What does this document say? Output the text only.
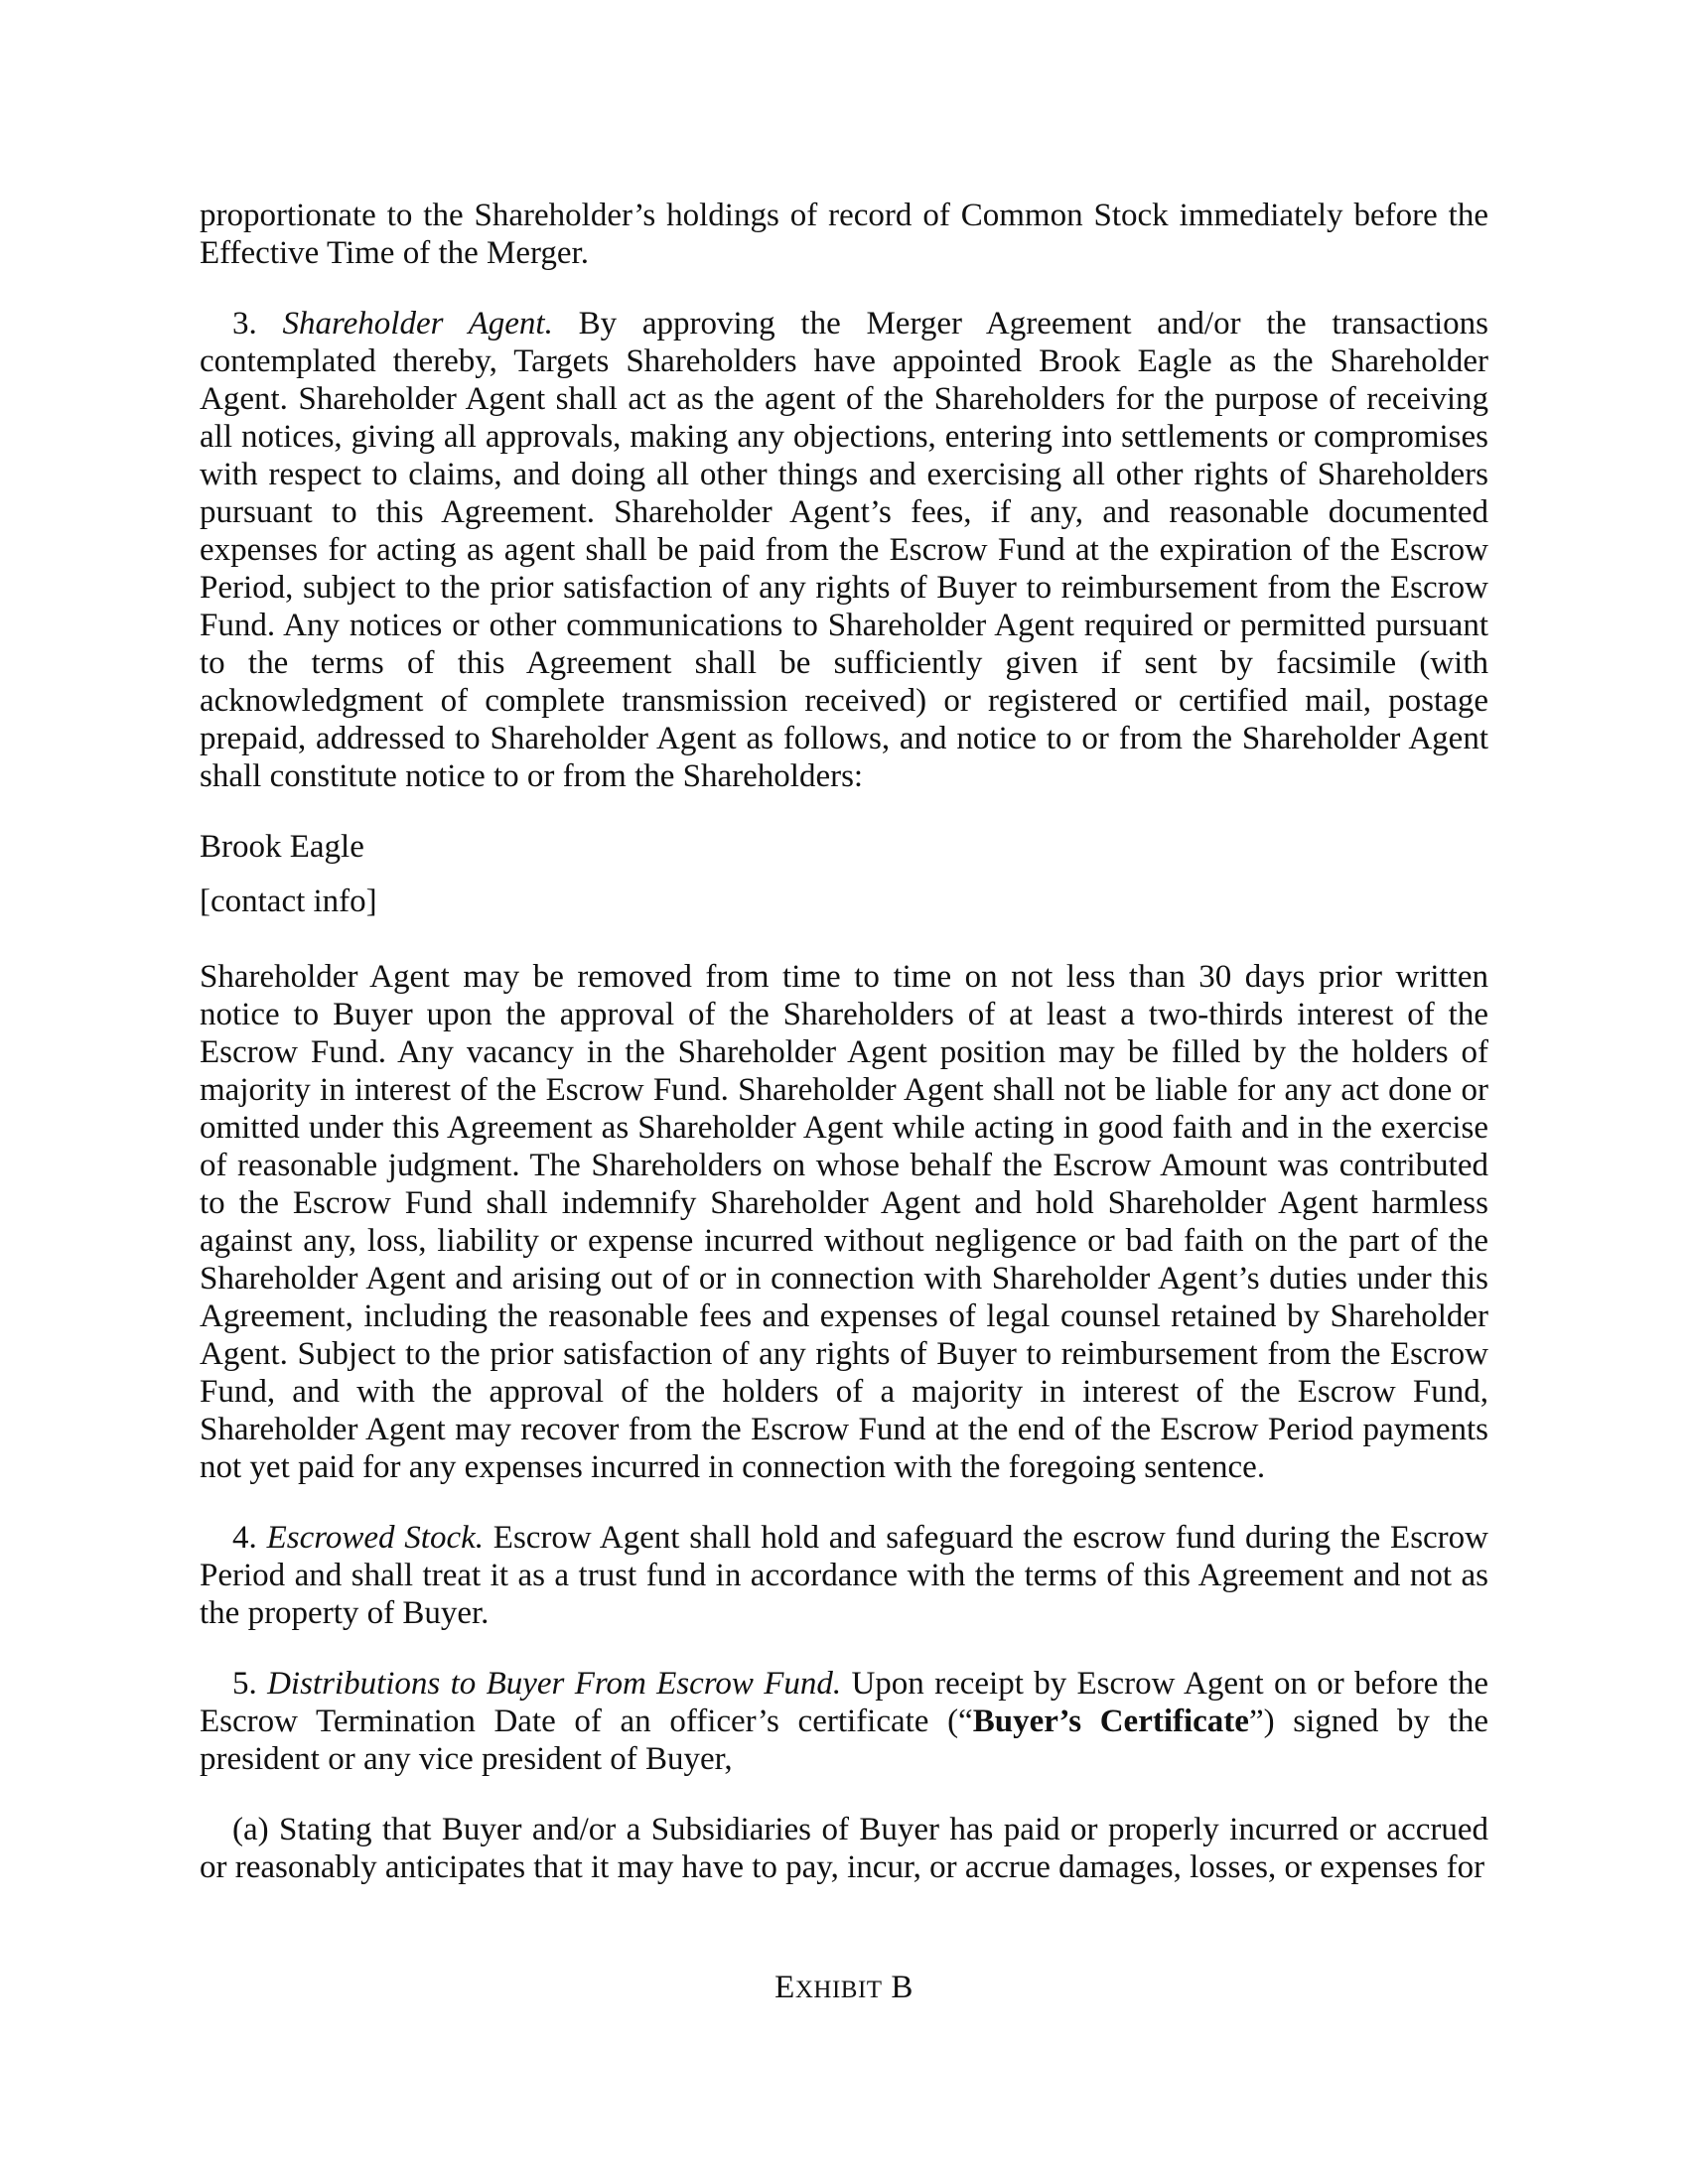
proportionate to the Shareholder’s holdings of record of Common Stock immediately before the Effective Time of the Merger.

3. Shareholder Agent. By approving the Merger Agreement and/or the transactions contemplated thereby, Targets Shareholders have appointed Brook Eagle as the Shareholder Agent. Shareholder Agent shall act as the agent of the Shareholders for the purpose of receiving all notices, giving all approvals, making any objections, entering into settlements or compromises with respect to claims, and doing all other things and exercising all other rights of Shareholders pursuant to this Agreement. Shareholder Agent’s fees, if any, and reasonable documented expenses for acting as agent shall be paid from the Escrow Fund at the expiration of the Escrow Period, subject to the prior satisfaction of any rights of Buyer to reimbursement from the Escrow Fund. Any notices or other communications to Shareholder Agent required or permitted pursuant to the terms of this Agreement shall be sufficiently given if sent by facsimile (with acknowledgment of complete transmission received) or registered or certified mail, postage prepaid, addressed to Shareholder Agent as follows, and notice to or from the Shareholder Agent shall constitute notice to or from the Shareholders:

Brook Eagle

[contact info]

Shareholder Agent may be removed from time to time on not less than 30 days prior written notice to Buyer upon the approval of the Shareholders of at least a two-thirds interest of the Escrow Fund. Any vacancy in the Shareholder Agent position may be filled by the holders of majority in interest of the Escrow Fund. Shareholder Agent shall not be liable for any act done or omitted under this Agreement as Shareholder Agent while acting in good faith and in the exercise of reasonable judgment. The Shareholders on whose behalf the Escrow Amount was contributed to the Escrow Fund shall indemnify Shareholder Agent and hold Shareholder Agent harmless against any, loss, liability or expense incurred without negligence or bad faith on the part of the Shareholder Agent and arising out of or in connection with Shareholder Agent’s duties under this Agreement, including the reasonable fees and expenses of legal counsel retained by Shareholder Agent. Subject to the prior satisfaction of any rights of Buyer to reimbursement from the Escrow Fund, and with the approval of the holders of a majority in interest of the Escrow Fund, Shareholder Agent may recover from the Escrow Fund at the end of the Escrow Period payments not yet paid for any expenses incurred in connection with the foregoing sentence.

4. Escrowed Stock. Escrow Agent shall hold and safeguard the escrow fund during the Escrow Period and shall treat it as a trust fund in accordance with the terms of this Agreement and not as the property of Buyer.

5. Distributions to Buyer From Escrow Fund. Upon receipt by Escrow Agent on or before the Escrow Termination Date of an officer’s certificate (“Buyer’s Certificate”) signed by the president or any vice president of Buyer,

(a) Stating that Buyer and/or a Subsidiaries of Buyer has paid or properly incurred or accrued or reasonably anticipates that it may have to pay, incur, or accrue damages, losses, or expenses for

EXHIBIT B
